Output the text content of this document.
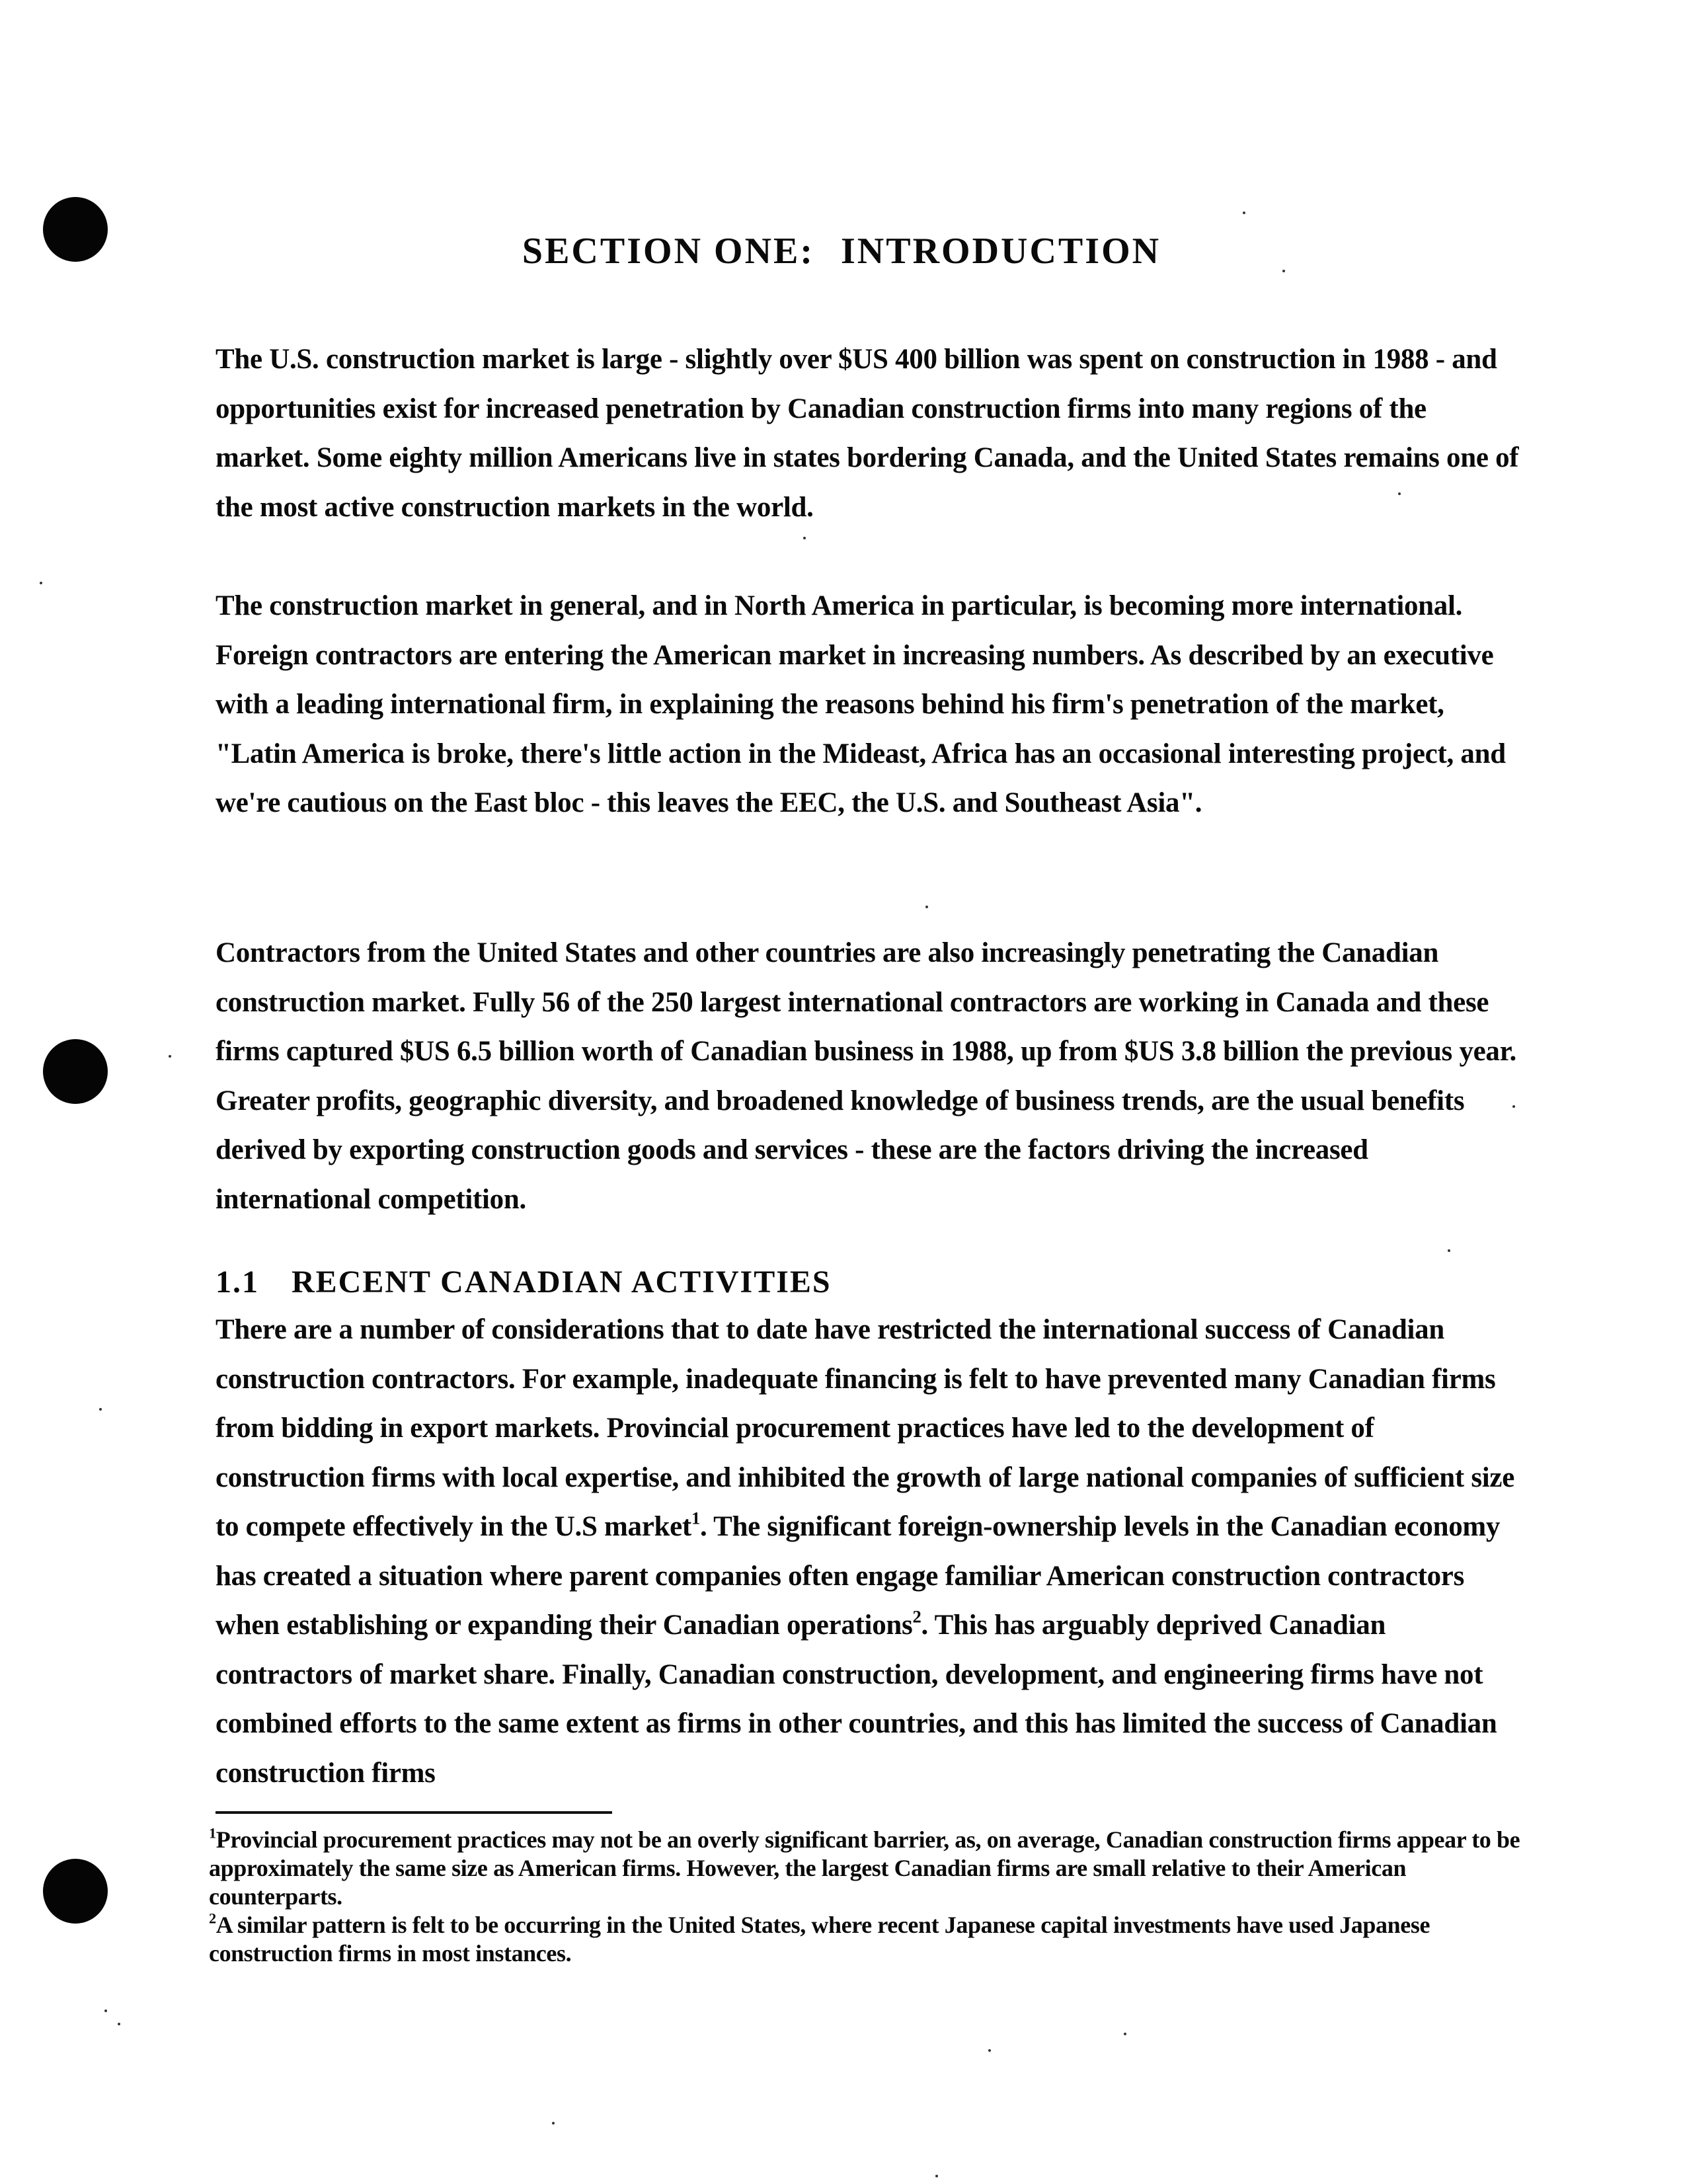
SECTION ONE: INTRODUCTION

The U.S. construction market is large - slightly over $US 400 billion was spent on construction in 1988 - and opportunities exist for increased penetration by Canadian construction firms into many regions of the market. Some eighty million Americans live in states bordering Canada, and the United States remains one of the most active construction markets in the world.

The construction market in general, and in North America in particular, is becoming more international. Foreign contractors are entering the American market in increasing numbers. As described by an executive with a leading international firm, in explaining the reasons behind his firm's penetration of the market, "Latin America is broke, there's little action in the Mideast, Africa has an occasional interesting project, and we're cautious on the East bloc - this leaves the EEC, the U.S. and Southeast Asia".

Contractors from the United States and other countries are also increasingly penetrating the Canadian construction market. Fully 56 of the 250 largest international contractors are working in Canada and these firms captured $US 6.5 billion worth of Canadian business in 1988, up from $US 3.8 billion the previous year. Greater profits, geographic diversity, and broadened knowledge of business trends, are the usual benefits derived by exporting construction goods and services - these are the factors driving the increased international competition.

1.1 RECENT CANADIAN ACTIVITIES

There are a number of considerations that to date have restricted the international success of Canadian construction contractors. For example, inadequate financing is felt to have prevented many Canadian firms from bidding in export markets. Provincial procurement practices have led to the development of construction firms with local expertise, and inhibited the growth of large national companies of sufficient size to compete effectively in the U.S market$^1$. The significant foreign-ownership levels in the Canadian economy has created a situation where parent companies often engage familiar American construction contractors when establishing or expanding their Canadian operations$^2$. This has arguably deprived Canadian contractors of market share. Finally, Canadian construction, development, and engineering firms have not combined efforts to the same extent as firms in other countries, and this has limited the success of Canadian construction firms

$^1$Provincial procurement practices may not be an overly significant barrier, as, on average, Canadian construction firms appear to be approximately the same size as American firms. However, the largest Canadian firms are small relative to their American counterparts.

$^2$A similar pattern is felt to be occurring in the United States, where recent Japanese capital investments have used Japanese construction firms in most instances.
